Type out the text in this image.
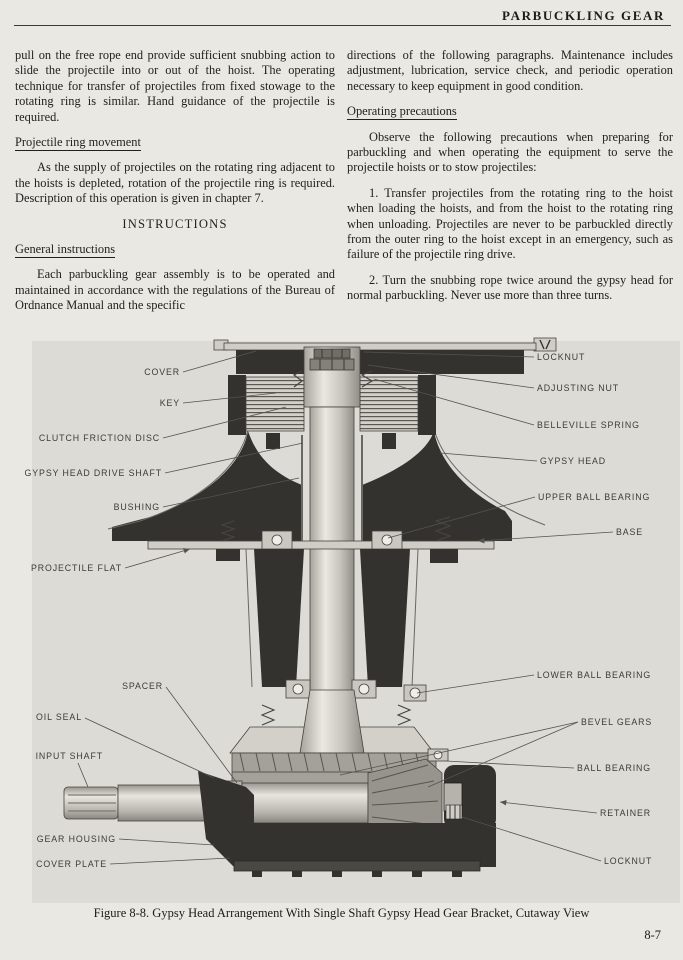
PARBUCKLING GEAR

pull on the free rope end provide sufficient snubbing action to slide the projectile into or out of the hoist. The operating technique for transfer of projectiles from fixed stowage to the rotating ring is similar. Hand guidance of the projectile is required.

Projectile ring movement

As the supply of projectiles on the rotating ring adjacent to the hoists is depleted, rotation of the projectile ring is required. Description of this operation is given in chapter 7.

INSTRUCTIONS

General instructions

Each parbuckling gear assembly is to be operated and maintained in accordance with the regulations of the Bureau of Ordnance Manual and the specific

directions of the following paragraphs. Maintenance includes adjustment, lubrication, service check, and periodic operation necessary to keep equipment in good condition.

Operating precautions

Observe the following precautions when preparing for parbuckling and when operating the equipment to serve the projectile hoists or to stow projectiles:

1. Transfer projectiles from the rotating ring to the hoist when loading the hoists, and from the hoist to the rotating ring when unloading. Projectiles are never to be parbuckled directly from the outer ring to the hoist except in an emergency, such as failure of the projectile ring drive.

2. Turn the snubbing rope twice around the gypsy head for normal parbuckling. Never use more than three turns.

COVER
KEY
CLUTCH FRICTION DISC
GYPSY HEAD DRIVE SHAFT
BUSHING
PROJECTILE FLAT
SPACER
OIL SEAL
INPUT SHAFT
GEAR HOUSING
COVER PLATE
LOCKNUT
ADJUSTING NUT
BELLEVILLE SPRING
GYPSY HEAD
UPPER BALL BEARING
BASE
LOWER BALL BEARING
BEVEL GEARS
BALL BEARING
RETAINER
LOCKNUT
Figure 8-8. Gypsy Head Arrangement With Single Shaft Gypsy Head Gear Bracket, Cutaway View
8-7
